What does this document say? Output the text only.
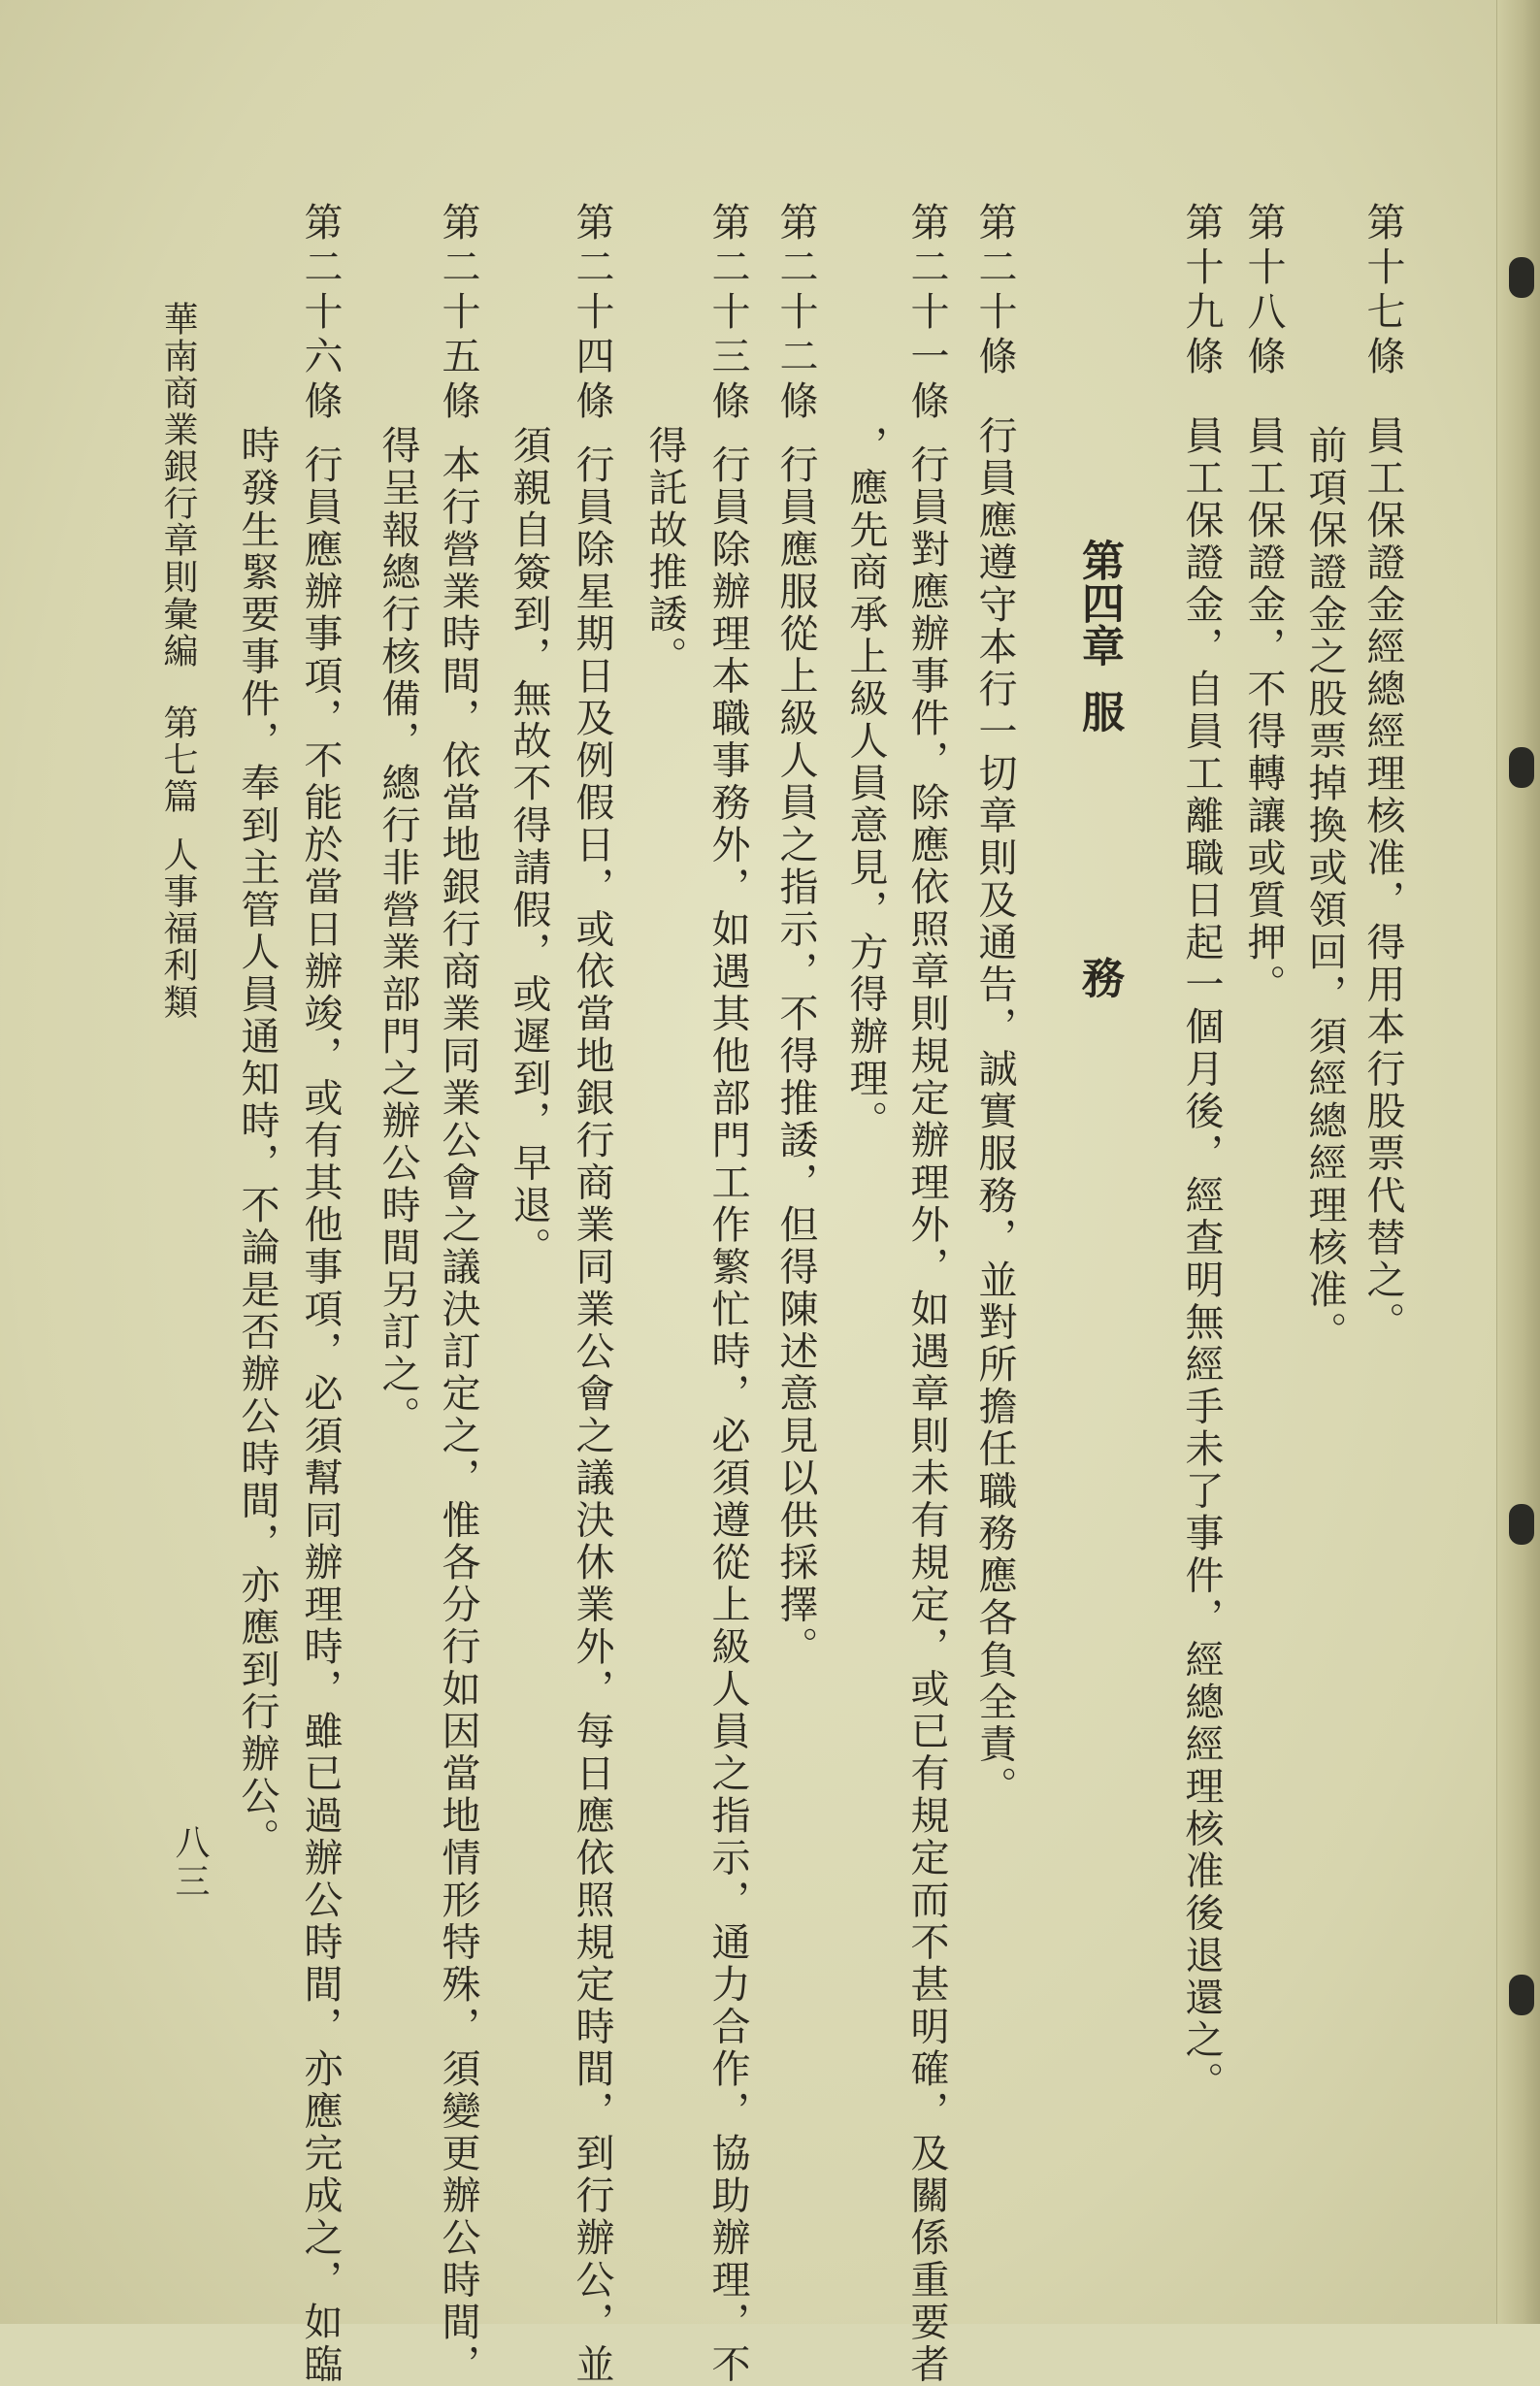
第十七條員工保證金經總經理核准，得用本行股票代替之。
前項保證金之股票掉換或領回，須經總經理核准。
第十八條員工保證金，不得轉讓或質押。
第十九條員工保證金，自員工離職日起一個月後，經查明無經手未了事件，經總經理核准後退還之。
第四章服務
第二十條行員應遵守本行一切章則及通告，誠實服務，並對所擔任職務應各負全責。
第二十一條行員對應辦事件，除應依照章則規定辦理外，如遇章則未有規定，或已有規定而不甚明確，及關係重要者
，應先商承上級人員意見，方得辦理。
第二十二條行員應服從上級人員之指示，不得推諉，但得陳述意見以供採擇。
第二十三條行員除辦理本職事務外，如遇其他部門工作繁忙時，必須遵從上級人員之指示，通力合作，協助辦理，不
得託故推諉。
第二十四條行員除星期日及例假日，或依當地銀行商業同業公會之議決休業外，每日應依照規定時間，到行辦公，並
須親自簽到，無故不得請假，或遲到，早退。
第二十五條本行營業時間，依當地銀行商業同業公會之議決訂定之，惟各分行如因當地情形特殊，須變更辦公時間，
得呈報總行核備，總行非營業部門之辦公時間另訂之。
第二十六條行員應辦事項，不能於當日辦竣，或有其他事項，必須幫同辦理時，雖已過辦公時間，亦應完成之，如臨
時發生緊要事件，奉到主管人員通知時，不論是否辦公時間，亦應到行辦公。
華南商業銀行章則彙編第七篇人事福利類
八三
